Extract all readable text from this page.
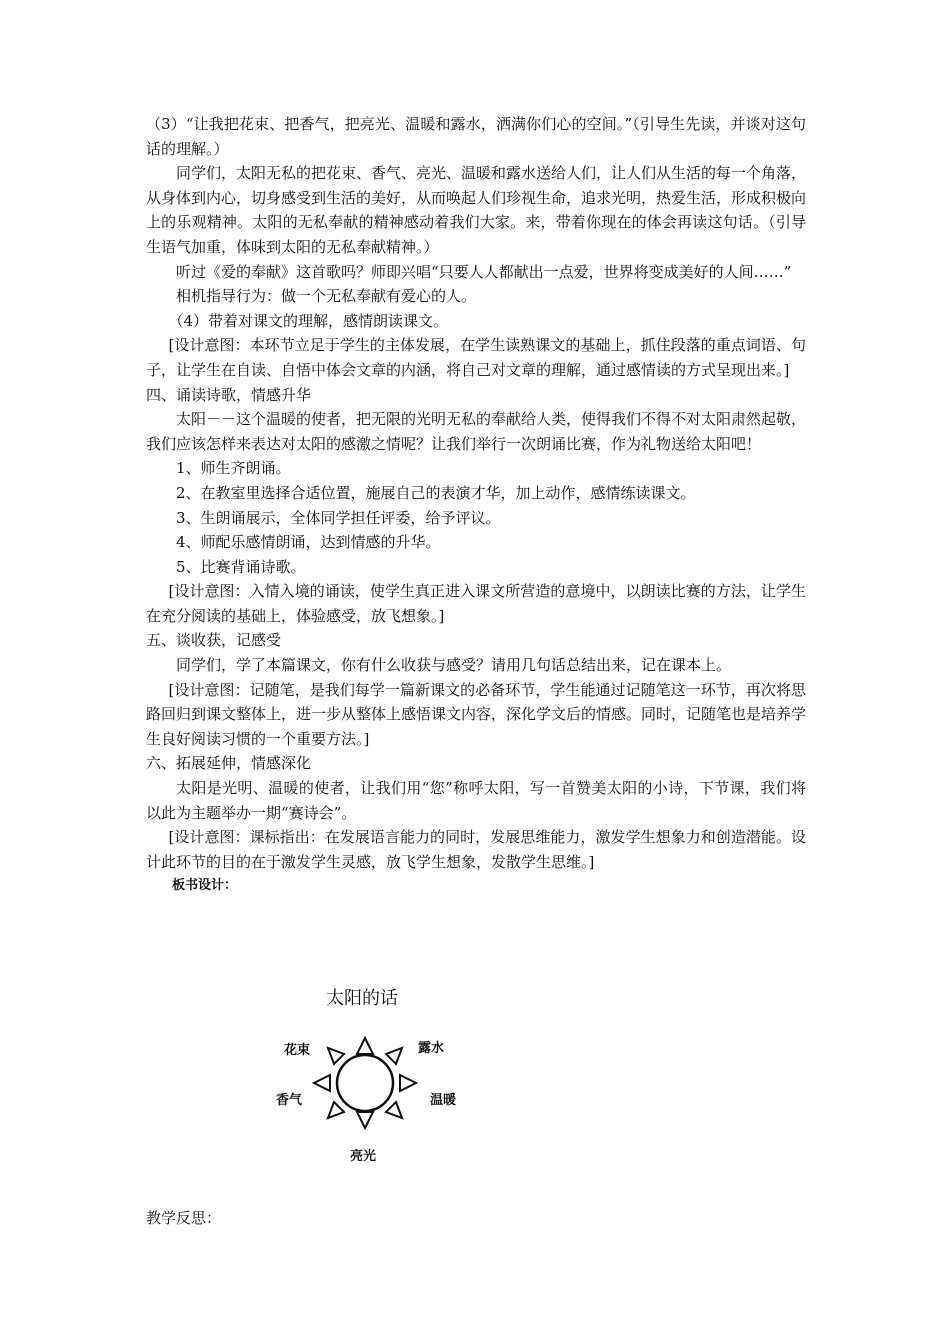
（3）“让我把花束、把香气，把亮光、温暖和露水，洒满你们心的空间。”（引导生先读，并谈对这句话的理解。）

同学们，太阳无私的把花束、香气、亮光、温暖和露水送给人们，让人们从生活的每一个角落，从身体到内心，切身感受到生活的美好，从而唤起人们珍视生命，追求光明，热爱生活，形成积极向上的乐观精神。太阳的无私奉献的精神感动着我们大家。来，带着你现在的体会再读这句话。（引导生语气加重，体味到太阳的无私奉献精神。）

听过《爱的奉献》这首歌吗？师即兴唱“只要人人都献出一点爱，世界将变成美好的人间……”

相机指导行为：做一个无私奉献有爱心的人。

（4）带着对课文的理解，感情朗读课文。

[设计意图：本环节立足于学生的主体发展，在学生读熟课文的基础上，抓住段落的重点词语、句子，让学生在自读、自悟中体会文章的内涵，将自己对文章的理解，通过感情读的方式呈现出来。]

四、诵读诗歌，情感升华

太阳－－这个温暖的使者，把无限的光明无私的奉献给人类，使得我们不得不对太阳肃然起敬，我们应该怎样来表达对太阳的感激之情呢？让我们举行一次朗诵比赛，作为礼物送给太阳吧！

1、师生齐朗诵。

2、在教室里选择合适位置，施展自己的表演才华，加上动作，感情练读课文。

3、生朗诵展示，全体同学担任评委，给予评议。

4、师配乐感情朗诵，达到情感的升华。

5、比赛背诵诗歌。

[设计意图：入情入境的诵读，使学生真正进入课文所营造的意境中，以朗读比赛的方法，让学生在充分阅读的基础上，体验感受，放飞想象。]

五、谈收获，记感受

同学们，学了本篇课文，你有什么收获与感受？请用几句话总结出来，记在课本上。

[设计意图：记随笔，是我们每学一篇新课文的必备环节，学生能通过记随笔这一环节，再次将思路回归到课文整体上，进一步从整体上感悟课文内容，深化学文后的情感。同时，记随笔也是培养学生良好阅读习惯的一个重要方法。]

六、拓展延伸，情感深化

太阳是光明、温暖的使者，让我们用“您”称呼太阳，写一首赞美太阳的小诗，下节课，我们将以此为主题举办一期“赛诗会”。

[设计意图：课标指出：在发展语言能力的同时，发展思维能力，激发学生想象力和创造潜能。设计此环节的目的在于激发学生灵感，放飞学生想象，发散学生思维。]

板书设计：

太阳的话
花束	露水
香气	温暖
亮光

教学反思：
